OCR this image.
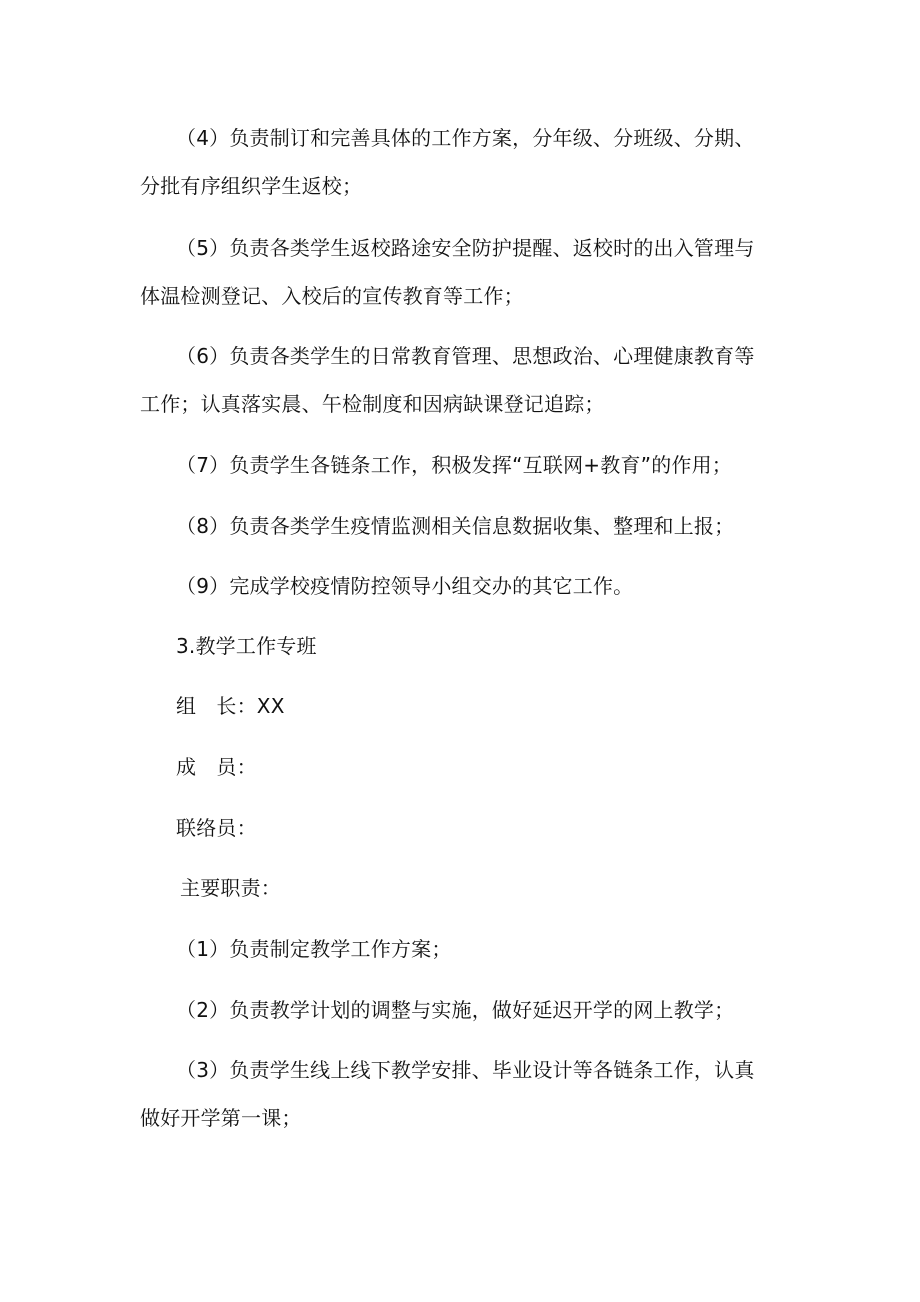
（4）负责制订和完善具体的工作方案，分年级、分班级、分期、
分批有序组织学生返校；
（5）负责各类学生返校路途安全防护提醒、返校时的出入管理与
体温检测登记、入校后的宣传教育等工作；
（6）负责各类学生的日常教育管理、思想政治、心理健康教育等
工作；认真落实晨、午检制度和因病缺课登记追踪；
（7）负责学生各链条工作，积极发挥“互联网+教育”的作用；
（8）负责各类学生疫情监测相关信息数据收集、整理和上报；
（9）完成学校疫情防控领导小组交办的其它工作。
3.教学工作专班
组　长：XX
成　员：
联络员：
主要职责：
（1）负责制定教学工作方案；
（2）负责教学计划的调整与实施，做好延迟开学的网上教学；
（3）负责学生线上线下教学安排、毕业设计等各链条工作，认真
做好开学第一课；
